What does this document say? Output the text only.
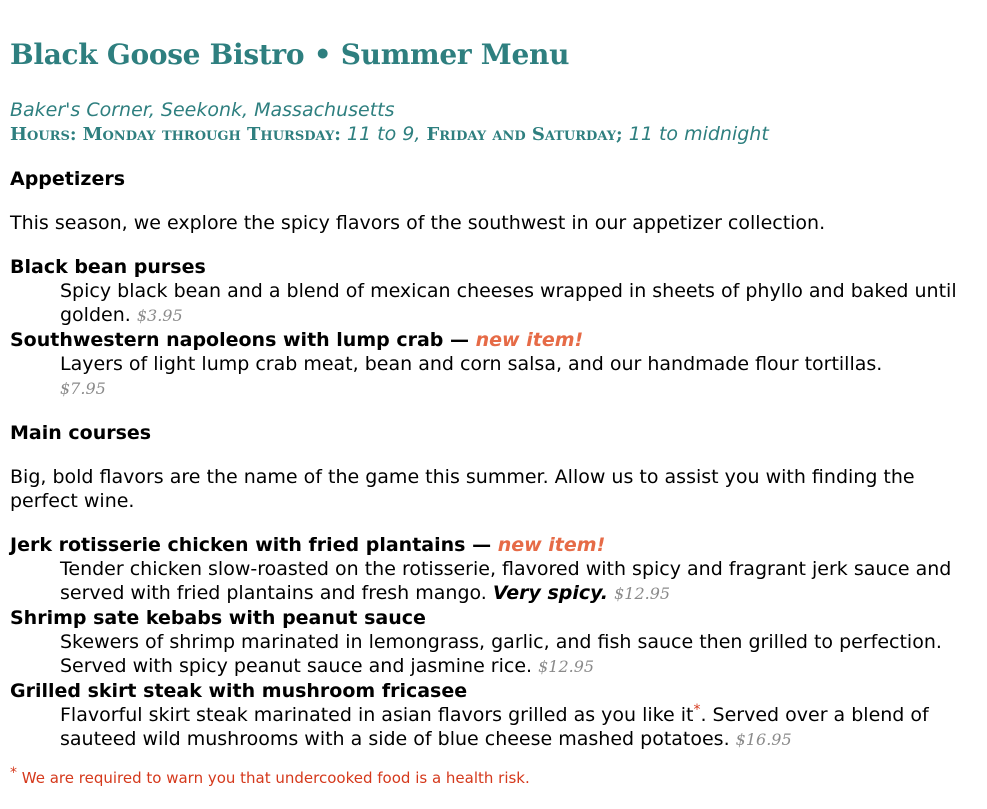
Black Goose Bistro • Summer Menu
Baker's Corner, Seekonk, Massachusetts
Hours: Monday through Thursday: 11 to 9, Friday and Saturday; 11 to midnight
Appetizers

This season, we explore the spicy flavors of the southwest in our appetizer collection.

Black bean purses
Spicy black bean and a blend of mexican cheeses wrapped in sheets of phyllo and baked until golden. $3.95
Southwestern napoleons with lump crab — new item!
Layers of light lump crab meat, bean and corn salsa, and our handmade flour tortillas.
$7.95
Main courses

Big, bold flavors are the name of the game this summer. Allow us to assist you with finding the perfect wine.

Jerk rotisserie chicken with fried plantains — new item!
Tender chicken slow-roasted on the rotisserie, flavored with spicy and fragrant jerk sauce and served with fried plantains and fresh mango. Very spicy. $12.95
Shrimp sate kebabs with peanut sauce
Skewers of shrimp marinated in lemongrass, garlic, and fish sauce then grilled to perfection. Served with spicy peanut sauce and jasmine rice. $12.95
Grilled skirt steak with mushroom fricasee
Flavorful skirt steak marinated in asian flavors grilled as you like it*. Served over a blend of sauteed wild mushrooms with a side of blue cheese mashed potatoes. $16.95
* We are required to warn you that undercooked food is a health risk.
